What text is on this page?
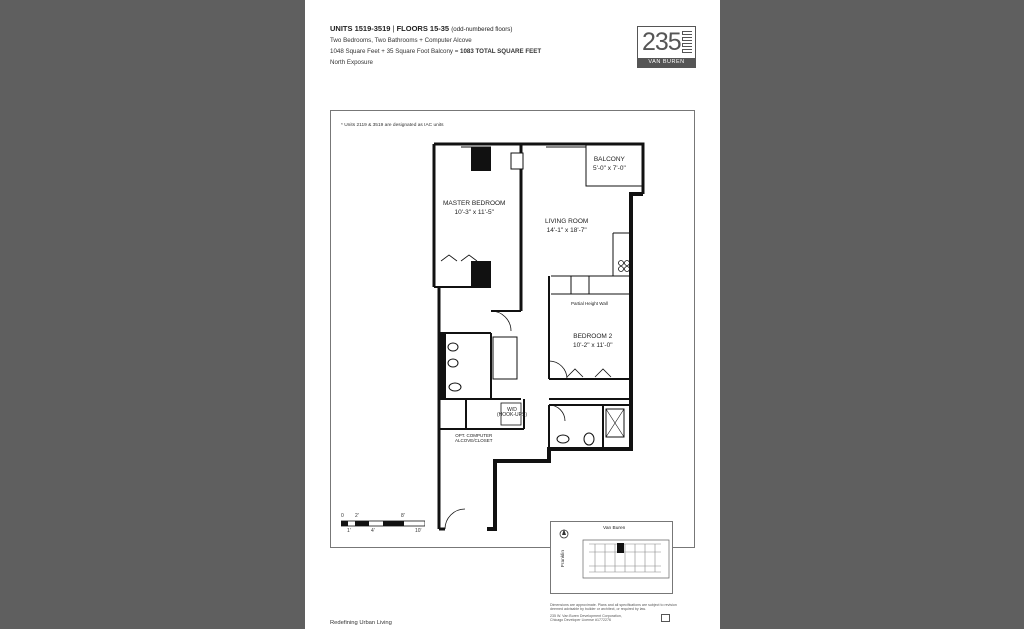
UNITS 1519-3519 | FLOORS 15-35 (odd-numbered floors)
Two Bedrooms, Two Bathrooms + Computer Alcove
1048 Square Feet + 35 Square Foot Balcony = 1083 TOTAL SQUARE FEET
North Exposure
235
VAN BUREN
* Units 2119 & 3519 are designated as IAC units
BALCONY
5'-0" x 7'-0"
MASTER BEDROOM
10'-3" x 11'-5"
LIVING ROOM
14'-1" x 18'-7"
Partial Height Wall
BEDROOM 2
10'-2" x 11'-0"
W/D
(HOOK-UPS)
OPT. COMPUTER
ALCOVE/CLOSET
0 2'	8'
1'	4'	10'	Van Buren
Franklin
Dimensions are approximate. Plans and all specifications are subject to revision deemed advisable by builder or architect, or required by law.
235 W. Van Buren Development Corporation,
Chicago Developer License #1772276
Redefining Urban Living
